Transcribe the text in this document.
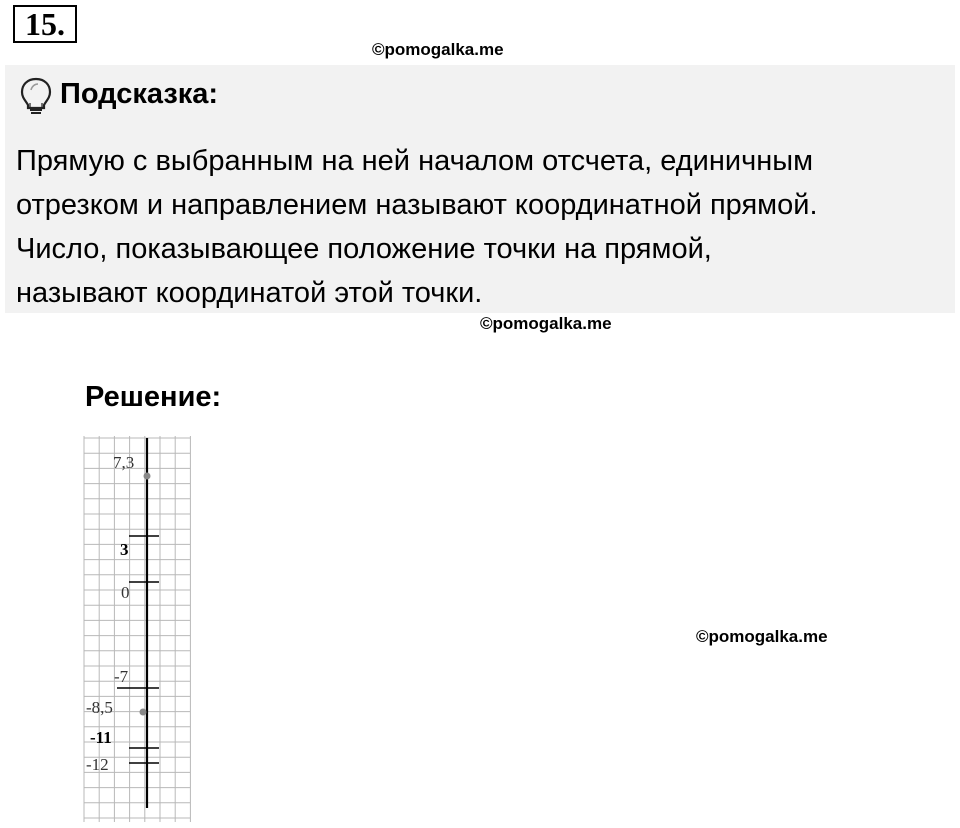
15.
©pomogalka.me
Подсказка:
Прямую с выбранным на ней началом отсчета, единичным
отрезком и направлением называют координатной прямой.
Число, показывающее положение точки на прямой,
называют координатой этой точки.
©pomogalka.me
Решение:
7,3
3
0
-7
-8,5
-11
-12
©pomogalka.me
